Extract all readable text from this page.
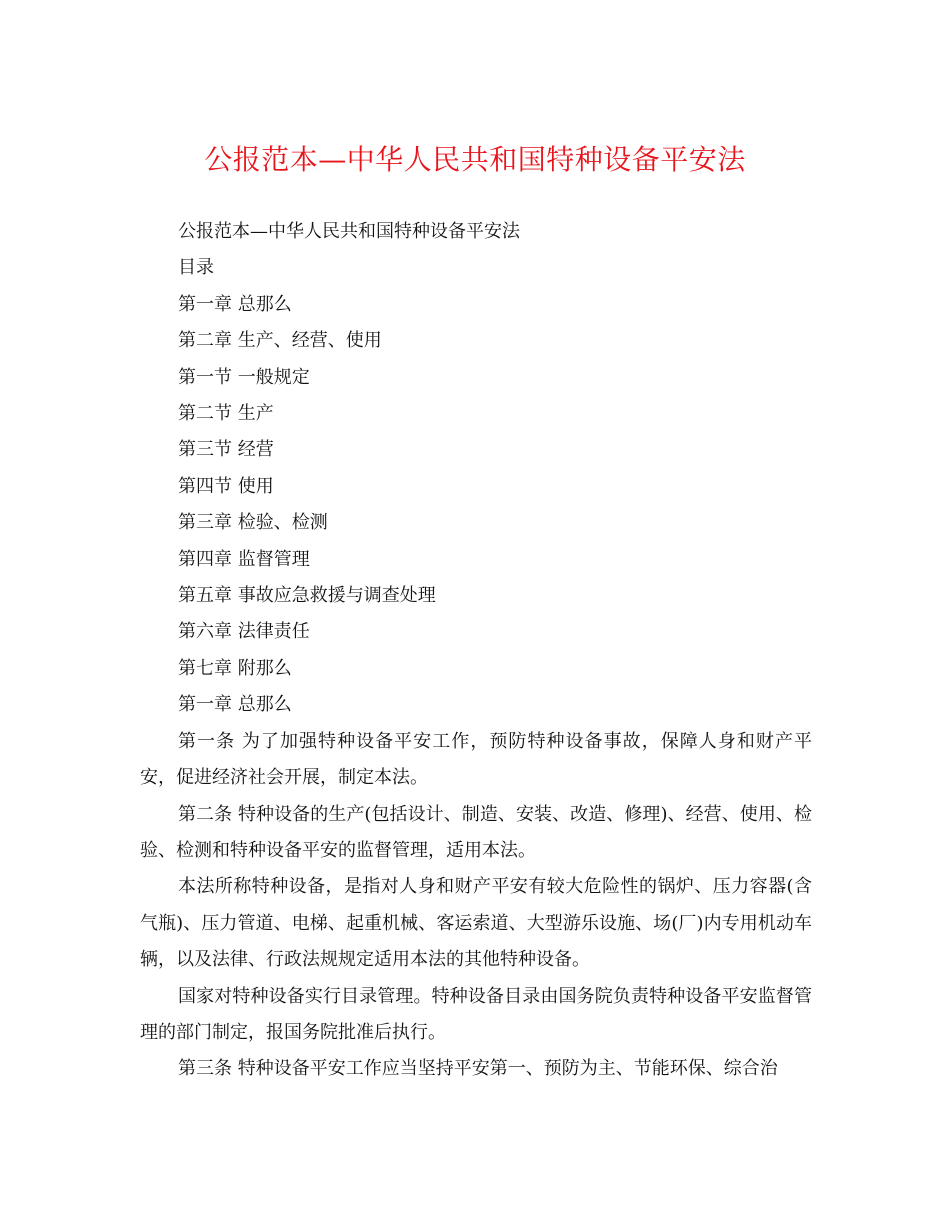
公报范本—中华人民共和国特种设备平安法
公报范本—中华人民共和国特种设备平安法
目录
第一章 总那么
第二章 生产、经营、使用
第一节 一般规定
第二节 生产
第三节 经营
第四节 使用
第三章 检验、检测
第四章 监督管理
第五章 事故应急救援与调查处理
第六章 法律责任
第七章 附那么
第一章 总那么

第一条 为了加强特种设备平安工作，预防特种设备事故，保障人身和财产平安，促进经济社会开展，制定本法。

第二条 特种设备的生产(包括设计、制造、安装、改造、修理)、经营、使用、检验、检测和特种设备平安的监督管理，适用本法。

本法所称特种设备，是指对人身和财产平安有较大危险性的锅炉、压力容器(含气瓶)、压力管道、电梯、起重机械、客运索道、大型游乐设施、场(厂)内专用机动车辆，以及法律、行政法规规定适用本法的其他特种设备。

国家对特种设备实行目录管理。特种设备目录由国务院负责特种设备平安监督管理的部门制定，报国务院批准后执行。

第三条 特种设备平安工作应当坚持平安第一、预防为主、节能环保、综合治
